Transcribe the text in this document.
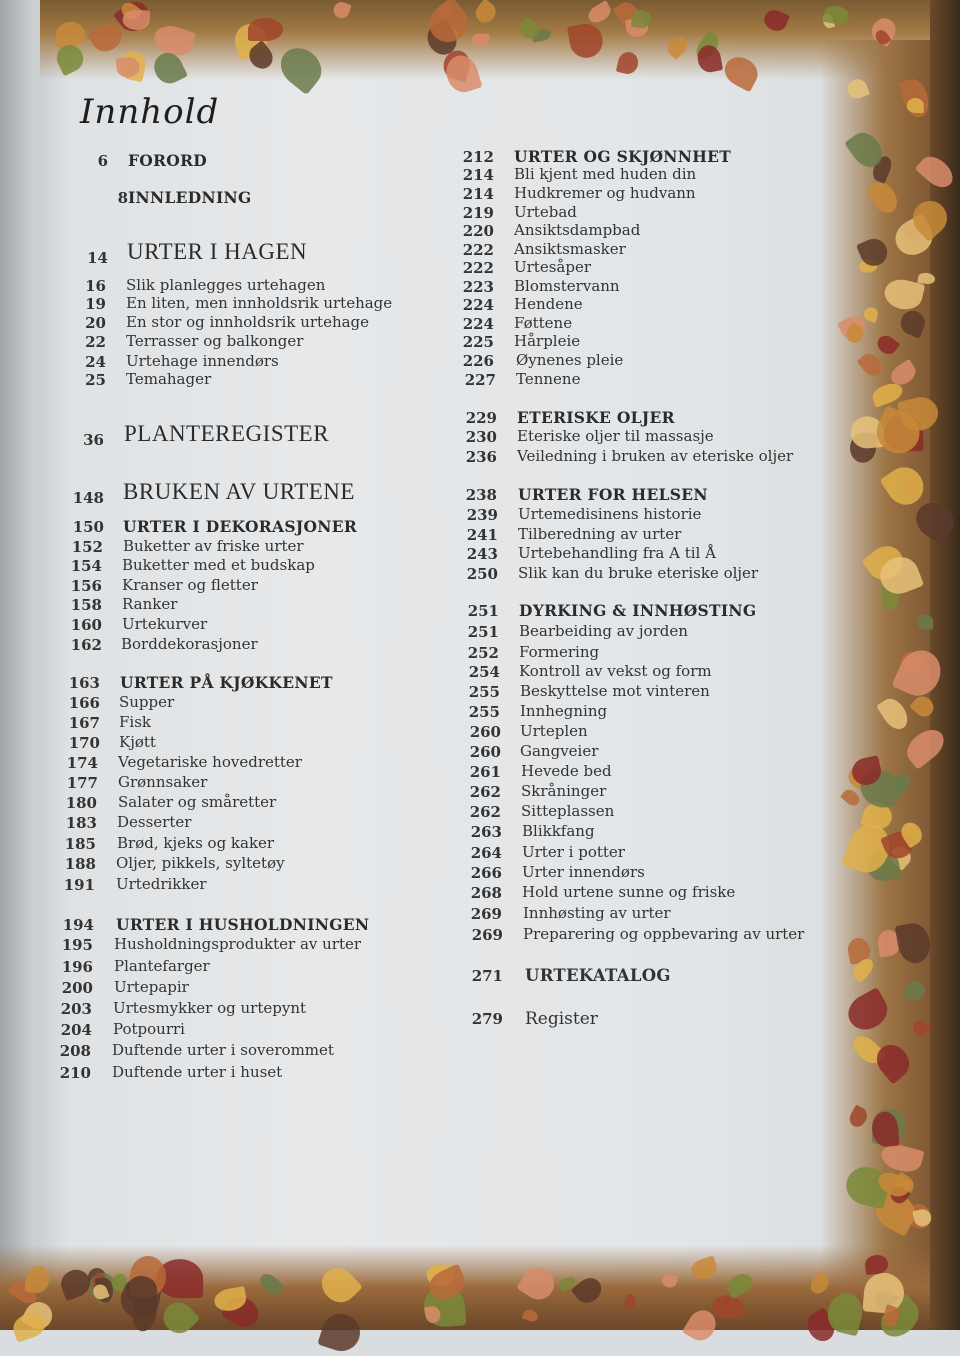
Innhold
6 FORORD
8 INNLEDNING
14 URTER I HAGEN
16 Slik planlegges urtehagen
19 En liten, men innholdsrik urtehage
20 En stor og innholdsrik urtehage
22 Terrasser og balkonger
24 Urtehage innendørs
25 Temahager
36 PLANTEREGISTER
148 BRUKEN AV URTENE
150 URTER I DEKORASJONER
152 Buketter av friske urter
154 Buketter med et budskap
156 Kranser og fletter
158 Ranker
160 Urtekurver
162 Borddekorasjoner
163 URTER PÅ KJØKKENET
166 Supper
167 Fisk
170 Kjøtt
174 Vegetariske hovedretter
177 Grønnsaker
180 Salater og småretter
183 Desserter
185 Brød, kjeks og kaker
188 Oljer, pikkels, syltetøy
191 Urtedrikker
194 URTER I HUSHOLDNINGEN
195 Husholdningsprodukter av urter
196 Plantefarger
200 Urtepapir
203 Urtesmykker og urtepynt
204 Potpourri
208 Duftende urter i soverommet
210 Duftende urter i huset
212 URTER OG SKJØNNHET
214 Bli kjent med huden din
214 Hudkremer og hudvann
219 Urtebad
220 Ansiktsdampbad
222 Ansiktsmasker
222 Urtesåper
223 Blomstervann
224 Hendene
224 Føttene
225 Hårpleie
226 Øynenes pleie
227 Tennene
229 ETERISKE OLJER
230 Eteriske oljer til massasje
236 Veiledning i bruken av eteriske oljer
238 URTER FOR HELSEN
239 Urtemedisinens historie
241 Tilberedning av urter
243 Urtebehandling fra A til Å
250 Slik kan du bruke eteriske oljer
251 DYRKING & INNHØSTING
251 Bearbeiding av jorden
252 Formering
254 Kontroll av vekst og form
255 Beskyttelse mot vinteren
255 Innhegning
260 Urteplen
260 Gangveier
261 Hevede bed
262 Skråninger
262 Sitteplassen
263 Blikkfang
264 Urter i potter
266 Urter innendørs
268 Hold urtene sunne og friske
269 Innhøsting av urter
269 Preparering og oppbevaring av urter
271 URTEKATALOG
279 Register
